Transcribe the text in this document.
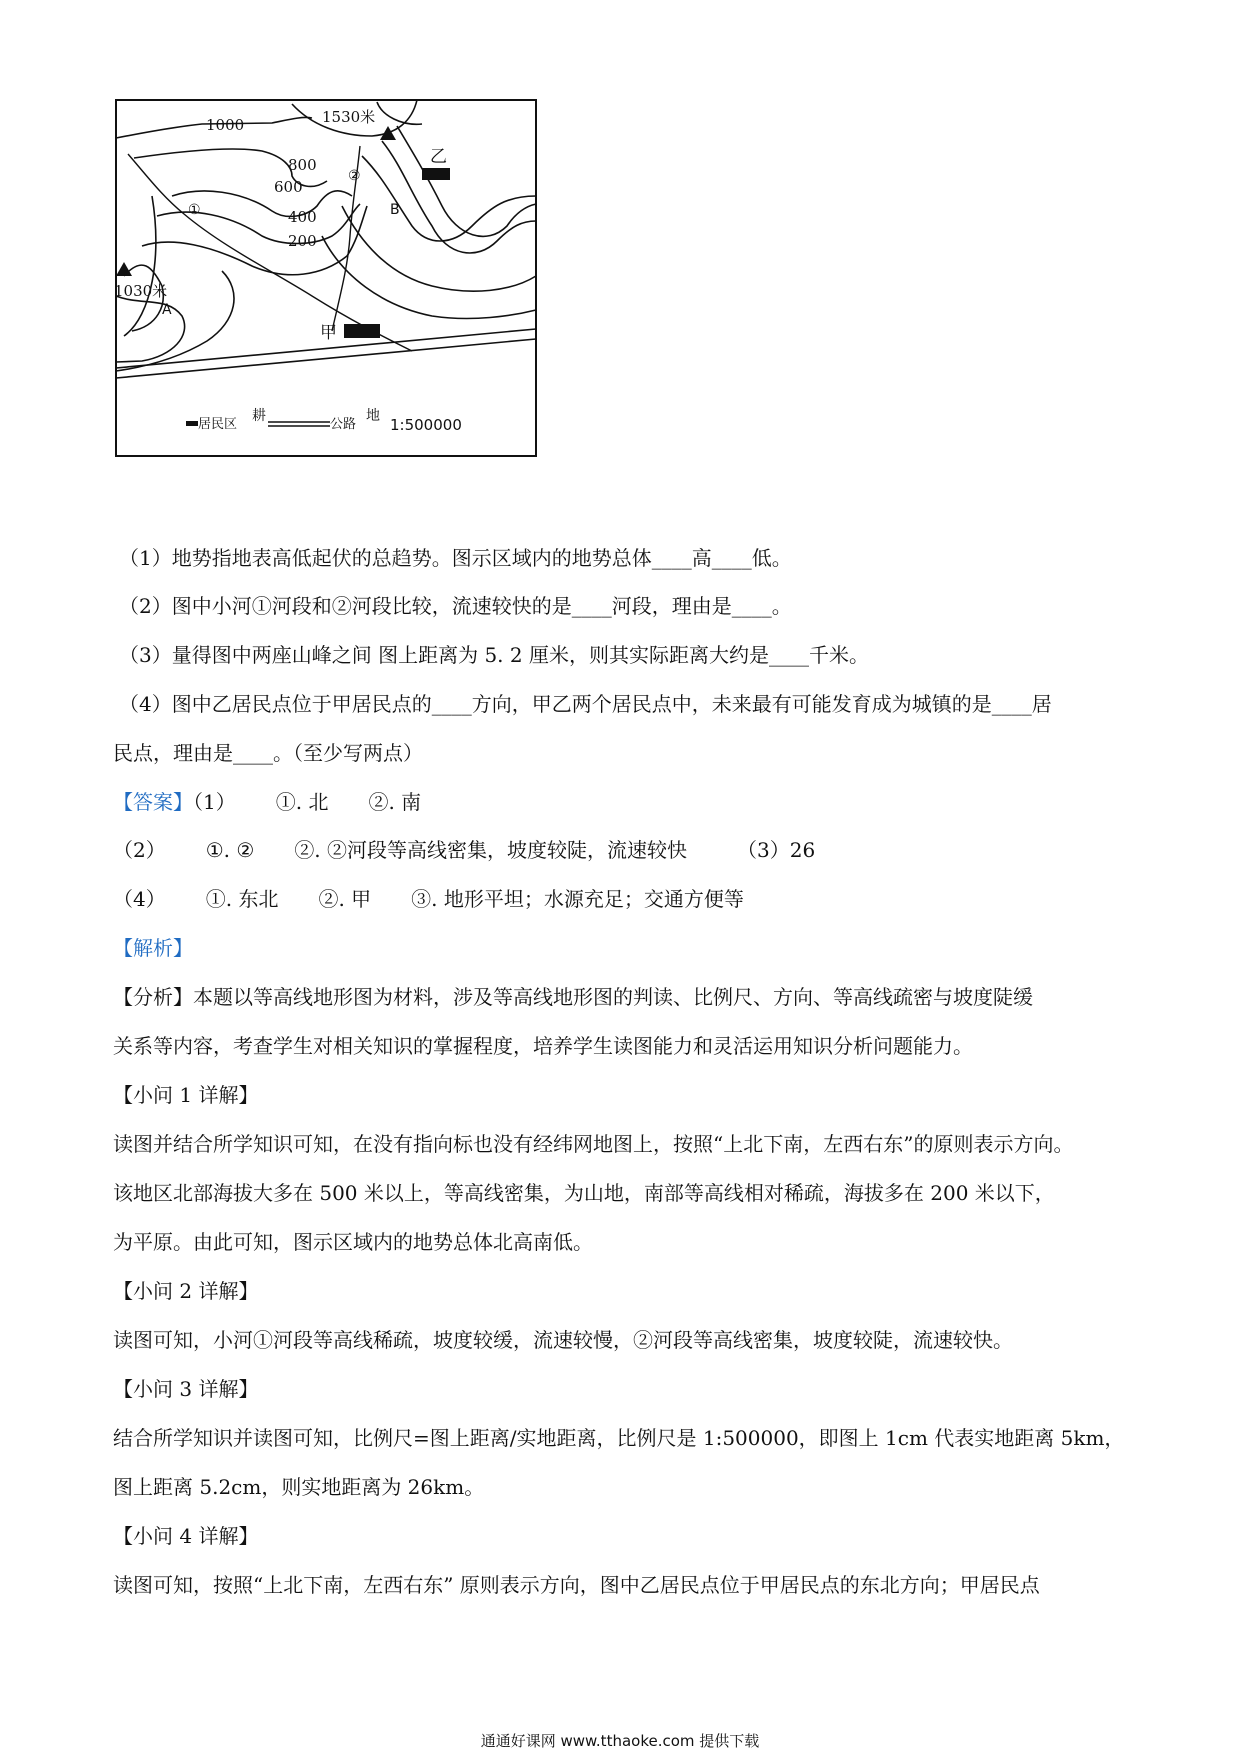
1000
800
600
400
200
1530米
1030米
乙
甲
B
A
①
②
耕	地 1:500000
居民区	公路
（1）地势指地表高低起伏的总趋势。图示区域内的地势总体____高____低。
（2）图中小河①河段和②河段比较，流速较快的是____河段，理由是____。
（3）量得图中两座山峰之间 图上距离为 5. 2 厘米，则其实际距离大约是____千米。
（4）图中乙居民点位于甲居民点的____方向，甲乙两个居民点中，未来最有可能发育成为城镇的是____居
民点，理由是____。（至少写两点）
【答案】（1） ①. 北 ②. 南
（2） ①. ② ②. ②河段等高线密集，坡度较陡，流速较快	（3）26
（4） ①. 东北 ②. 甲 ③. 地形平坦；水源充足；交通方便等
【解析】
【分析】本题以等高线地形图为材料，涉及等高线地形图的判读、比例尺、方向、等高线疏密与坡度陡缓
关系等内容，考查学生对相关知识的掌握程度，培养学生读图能力和灵活运用知识分析问题能力。
【小问 1 详解】
读图并结合所学知识可知，在没有指向标也没有经纬网地图上，按照“上北下南，左西右东”的原则表示方向。
该地区北部海拔大多在 500 米以上，等高线密集，为山地，南部等高线相对稀疏，海拔多在 200 米以下，
为平原。由此可知，图示区域内的地势总体北高南低。
【小问 2 详解】
读图可知，小河①河段等高线稀疏，坡度较缓，流速较慢，②河段等高线密集，坡度较陡，流速较快。
【小问 3 详解】
结合所学知识并读图可知，比例尺=图上距离/实地距离，比例尺是 1:500000，即图上 1cm 代表实地距离 5km，
图上距离 5.2cm，则实地距离为 26km。
【小问 4 详解】
读图可知，按照“上北下南，左西右东” 原则表示方向，图中乙居民点位于甲居民点的东北方向；甲居民点
通通好课网 www.tthaoke.com 提供下载
